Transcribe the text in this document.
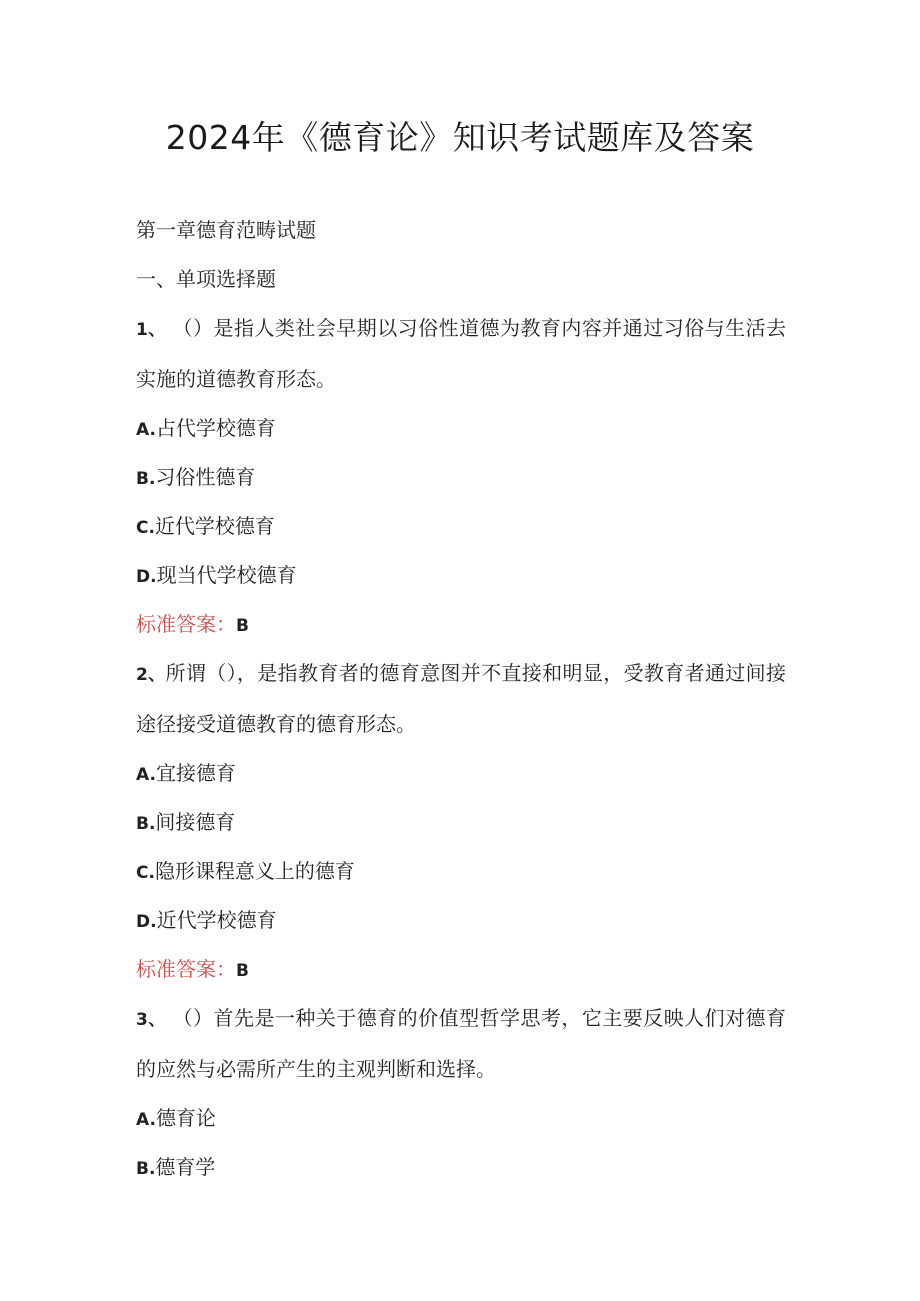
2024年《德育论》知识考试题库及答案

第一章德育范畴试题

一、单项选择题

1、 （）是指人类社会早期以习俗性道德为教育内容并通过习俗与生活去实施的道德教育形态。

A.占代学校德育

B.习俗性德育

C.近代学校德育

D.现当代学校德育

标准答案：B

2、所谓（），是指教育者的德育意图并不直接和明显，受教育者通过间接途径接受道德教育的德育形态。

A.宜接德育

B.间接德育

C.隐形课程意义上的德育

D.近代学校德育

标准答案：B

3、 （）首先是一种关于德育的价值型哲学思考，它主要反映人们对德育的应然与必需所产生的主观判断和选择。

A.德育论

B.德育学
